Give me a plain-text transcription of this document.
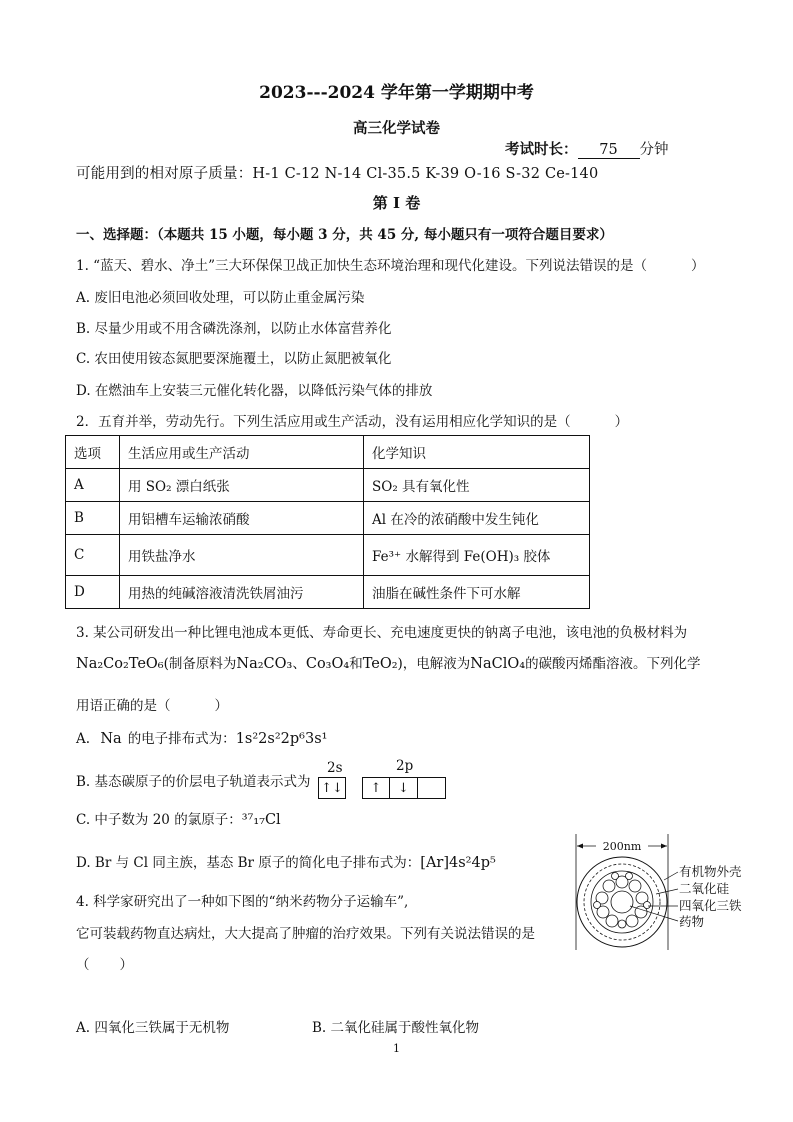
2023---2024 学年第一学期期中考
高三化学试卷
考试时长： 75 分钟
可能用到的相对原子质量：H-1 C-12 N-14 Cl-35.5 K-39 O-16 S-32 Ce-140
第 I 卷
一、选择题：（本题共 15 小题，每小题 3 分，共 45 分, 每小题只有一项符合题目要求）
1. “蓝天、碧水、净土”三大环保保卫战正加快生态环境治理和现代化建设。下列说法错误的是（	）
A. 废旧电池必须回收处理，可以防止重金属污染
B. 尽量少用或不用含磷洗涤剂，以防止水体富营养化
C. 农田使用铵态氮肥要深施覆土，以防止氮肥被氧化
D. 在燃油车上安装三元催化转化器，以降低污染气体的排放
2．五育并举，劳动先行。下列生活应用或生产活动，没有运用相应化学知识的是（	）
选项	生活应用或生产活动	化学知识
A	用 SO₂ 漂白纸张	SO₂ 具有氧化性
B	用铝槽车运输浓硝酸	Al 在冷的浓硝酸中发生钝化
C	用铁盐净水	Fe³⁺ 水解得到 Fe(OH)₃ 胶体
D	用热的纯碱溶液清洗铁屑油污	油脂在碱性条件下可水解
3. 某公司研发出一种比锂电池成本更低、寿命更长、充电速度更快的钠离子电池，该电池的负极材料为
Na₂Co₂TeO₆(制备原料为Na₂CO₃、Co₃O₄和TeO₂)，电解液为NaClO₄的碳酸丙烯酯溶液。下列化学
用语正确的是（	）
A. Na 的电子排布式为：1s²2s²2p⁶3s¹
B. 基态碳原子的价层电子轨道表示式为
2s	2p
↑↓	↑ ↓
C. 中子数为 20 的氯原子：³⁷₁₇Cl
D. Br 与 Cl 同主族，基态 Br 原子的简化电子排布式为：[Ar]4s²4p⁵
4. 科学家研究出了一种如下图的“纳米药物分子运输车”,
它可装载药物直达病灶，大大提高了肿瘤的治疗效果。下列有关说法错误的是
（ ）
A. 四氧化三铁属于无机物	B. 二氧化硅属于酸性氧化物
200nm
有机物外壳
二氧化硅
四氧化三铁
药物
1
